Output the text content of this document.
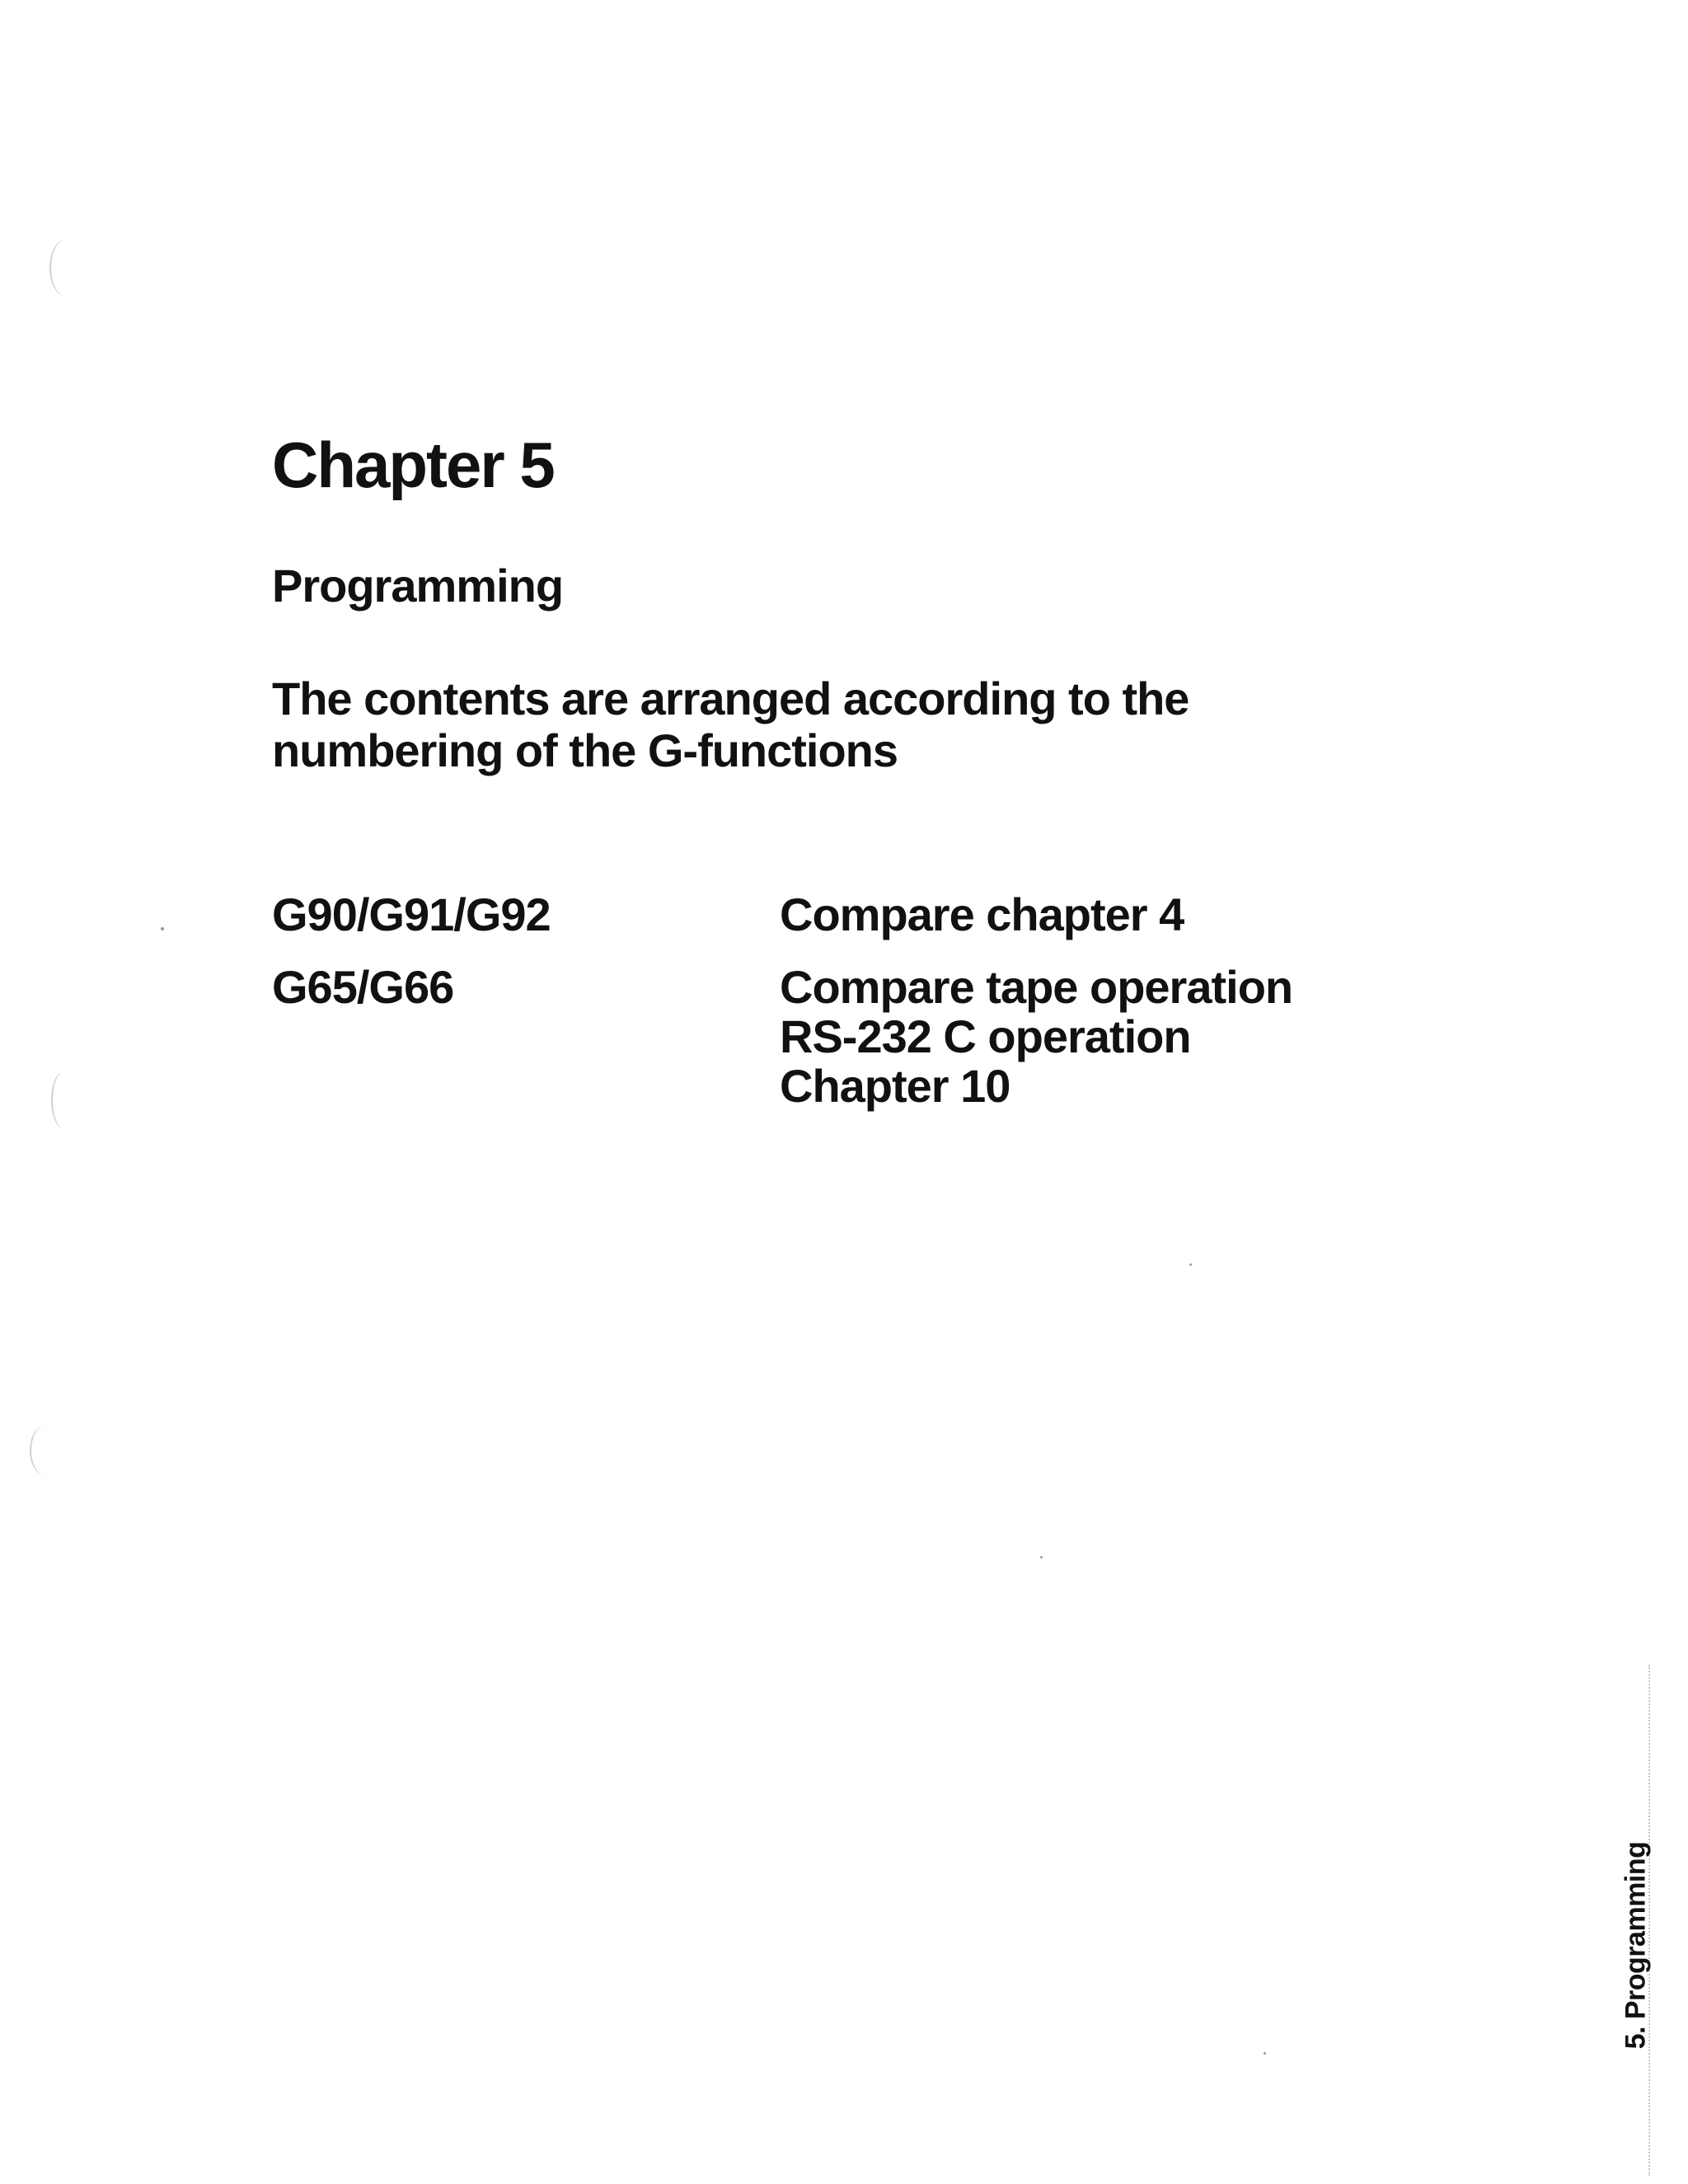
Chapter 5
Programming

The contents are arranged according to the
numbering of the G-functions

G90/G91/G92	Compare chapter 4
G65/G66	Compare tape operation
RS-232 C operation
Chapter 10
5. Programming
